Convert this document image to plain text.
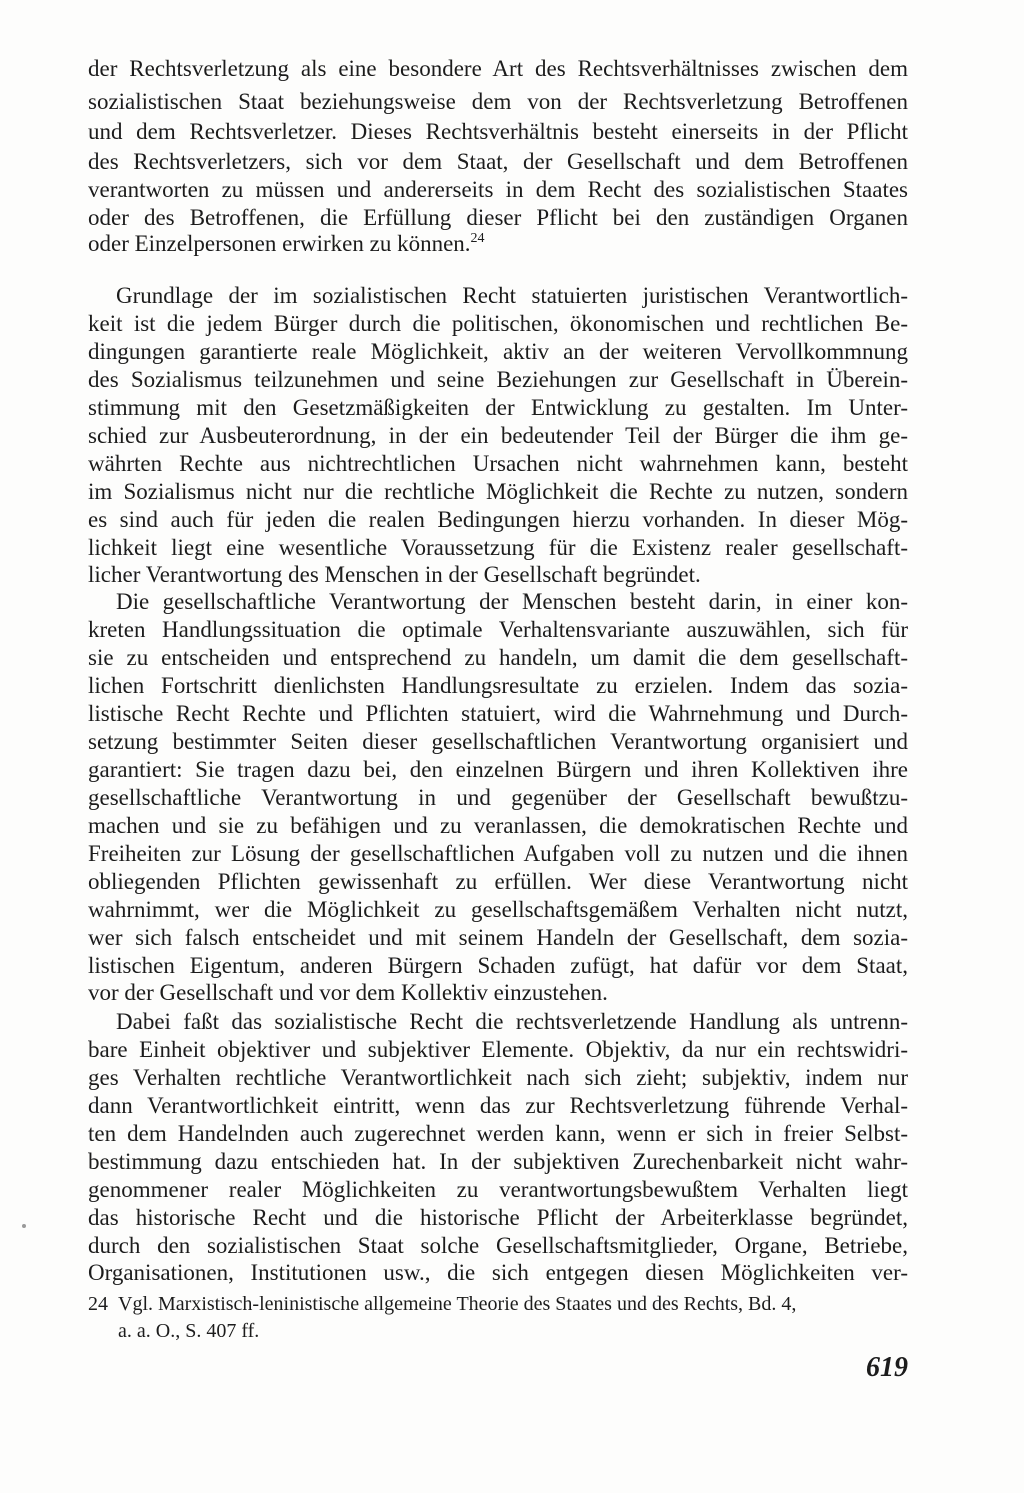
der Rechtsverletzung als eine besondere Art des Rechtsverhältnisses zwischen dem
sozialistischen Staat beziehungsweise dem von der Rechtsverletzung Betroffenen
und dem Rechtsverletzer. Dieses Rechtsverhältnis besteht einerseits in der Pflicht
des Rechtsverletzers, sich vor dem Staat, der Gesellschaft und dem Betroffenen
verantworten zu müssen und andererseits in dem Recht des sozialistischen Staates
oder des Betroffenen, die Erfüllung dieser Pflicht bei den zuständigen Organen
oder Einzelpersonen erwirken zu können.$^{24}$
Grundlage der im sozialistischen Recht statuierten juristischen Verantwortlich-
keit ist die jedem Bürger durch die politischen, ökonomischen und rechtlichen Be-
dingungen garantierte reale Möglichkeit, aktiv an der weiteren Vervollkommnung
des Sozialismus teilzunehmen und seine Beziehungen zur Gesellschaft in Überein-
stimmung mit den Gesetzmäßigkeiten der Entwicklung zu gestalten. Im Unter-
schied zur Ausbeuterordnung, in der ein bedeutender Teil der Bürger die ihm ge-
währten Rechte aus nichtrechtlichen Ursachen nicht wahrnehmen kann, besteht
im Sozialismus nicht nur die rechtliche Möglichkeit die Rechte zu nutzen, sondern
es sind auch für jeden die realen Bedingungen hierzu vorhanden. In dieser Mög-
lichkeit liegt eine wesentliche Voraussetzung für die Existenz realer gesellschaft-
licher Verantwortung des Menschen in der Gesellschaft begründet.
Die gesellschaftliche Verantwortung der Menschen besteht darin, in einer kon-
kreten Handlungssituation die optimale Verhaltensvariante auszuwählen, sich für
sie zu entscheiden und entsprechend zu handeln, um damit die dem gesellschaft-
lichen Fortschritt dienlichsten Handlungsresultate zu erzielen. Indem das sozia-
listische Recht Rechte und Pflichten statuiert, wird die Wahrnehmung und Durch-
setzung bestimmter Seiten dieser gesellschaftlichen Verantwortung organisiert und
garantiert: Sie tragen dazu bei, den einzelnen Bürgern und ihren Kollektiven ihre
gesellschaftliche Verantwortung in und gegenüber der Gesellschaft bewußtzu-
machen und sie zu befähigen und zu veranlassen, die demokratischen Rechte und
Freiheiten zur Lösung der gesellschaftlichen Aufgaben voll zu nutzen und die ihnen
obliegenden Pflichten gewissenhaft zu erfüllen. Wer diese Verantwortung nicht
wahrnimmt, wer die Möglichkeit zu gesellschaftsgemäßem Verhalten nicht nutzt,
wer sich falsch entscheidet und mit seinem Handeln der Gesellschaft, dem sozia-
listischen Eigentum, anderen Bürgern Schaden zufügt, hat dafür vor dem Staat,
vor der Gesellschaft und vor dem Kollektiv einzustehen.
Dabei faßt das sozialistische Recht die rechtsverletzende Handlung als untrenn-
bare Einheit objektiver und subjektiver Elemente. Objektiv, da nur ein rechtswidri-
ges Verhalten rechtliche Verantwortlichkeit nach sich zieht; subjektiv, indem nur
dann Verantwortlichkeit eintritt, wenn das zur Rechtsverletzung führende Verhal-
ten dem Handelnden auch zugerechnet werden kann, wenn er sich in freier Selbst-
bestimmung dazu entschieden hat. In der subjektiven Zurechenbarkeit nicht wahr-
genommener realer Möglichkeiten zu verantwortungsbewußtem Verhalten liegt
das historische Recht und die historische Pflicht der Arbeiterklasse begründet,
durch den sozialistischen Staat solche Gesellschaftsmitglieder, Organe, Betriebe,
Organisationen, Institutionen usw., die sich entgegen diesen Möglichkeiten ver-
24 Vgl. Marxistisch-leninistische allgemeine Theorie des Staates und des Rechts, Bd. 4,
a. a. O., S. 407 ff.
619
